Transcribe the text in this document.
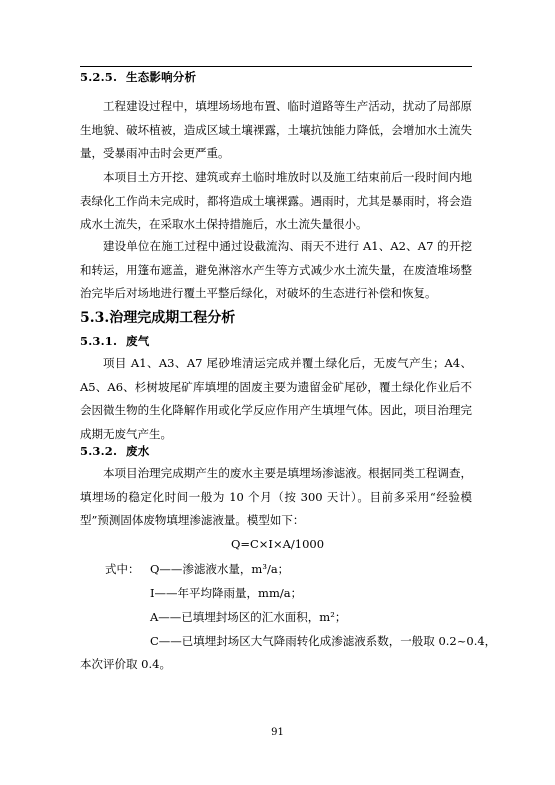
5.2.5. 生态影响分析

工程建设过程中，填埋场场地布置、临时道路等生产活动，扰动了局部原生地貌、破坏植被，造成区域土壤裸露，土壤抗蚀能力降低，会增加水土流失量，受暴雨冲击时会更严重。

本项目土方开挖、建筑或弃土临时堆放时以及施工结束前后一段时间内地表绿化工作尚未完成时，都将造成土壤裸露。遇雨时，尤其是暴雨时，将会造成水土流失，在采取水土保持措施后，水土流失量很小。

建设单位在施工过程中通过设截流沟、雨天不进行 A1、A2、A7 的开挖和转运，用篷布遮盖，避免淋溶水产生等方式减少水土流失量，在废渣堆场整治完毕后对场地进行覆土平整后绿化，对破坏的生态进行补偿和恢复。

5.3.治理完成期工程分析
5.3.1. 废气

项目 A1、A3、A7 尾砂堆清运完成并覆土绿化后，无废气产生；A4、A5、A6、杉树坡尾矿库填埋的固废主要为遗留金矿尾砂，覆土绿化作业后不会因微生物的生化降解作用或化学反应作用产生填埋气体。因此，项目治理完成期无废气产生。

5.3.2. 废水

本项目治理完成期产生的废水主要是填埋场渗滤液。根据同类工程调查，填埋场的稳定化时间一般为 10 个月（按 300 天计）。目前多采用“经验模型”预测固体废物填埋渗滤液量。模型如下：

Q=C×I×A/1000
式中： Q——渗滤液水量，m³/a；
I——年平均降雨量，mm/a；
A——已填埋封场区的汇水面积，m²；
C——已填埋封场区大气降雨转化成渗滤液系数，一般取 0.2~0.4，
本次评价取 0.4。
91
